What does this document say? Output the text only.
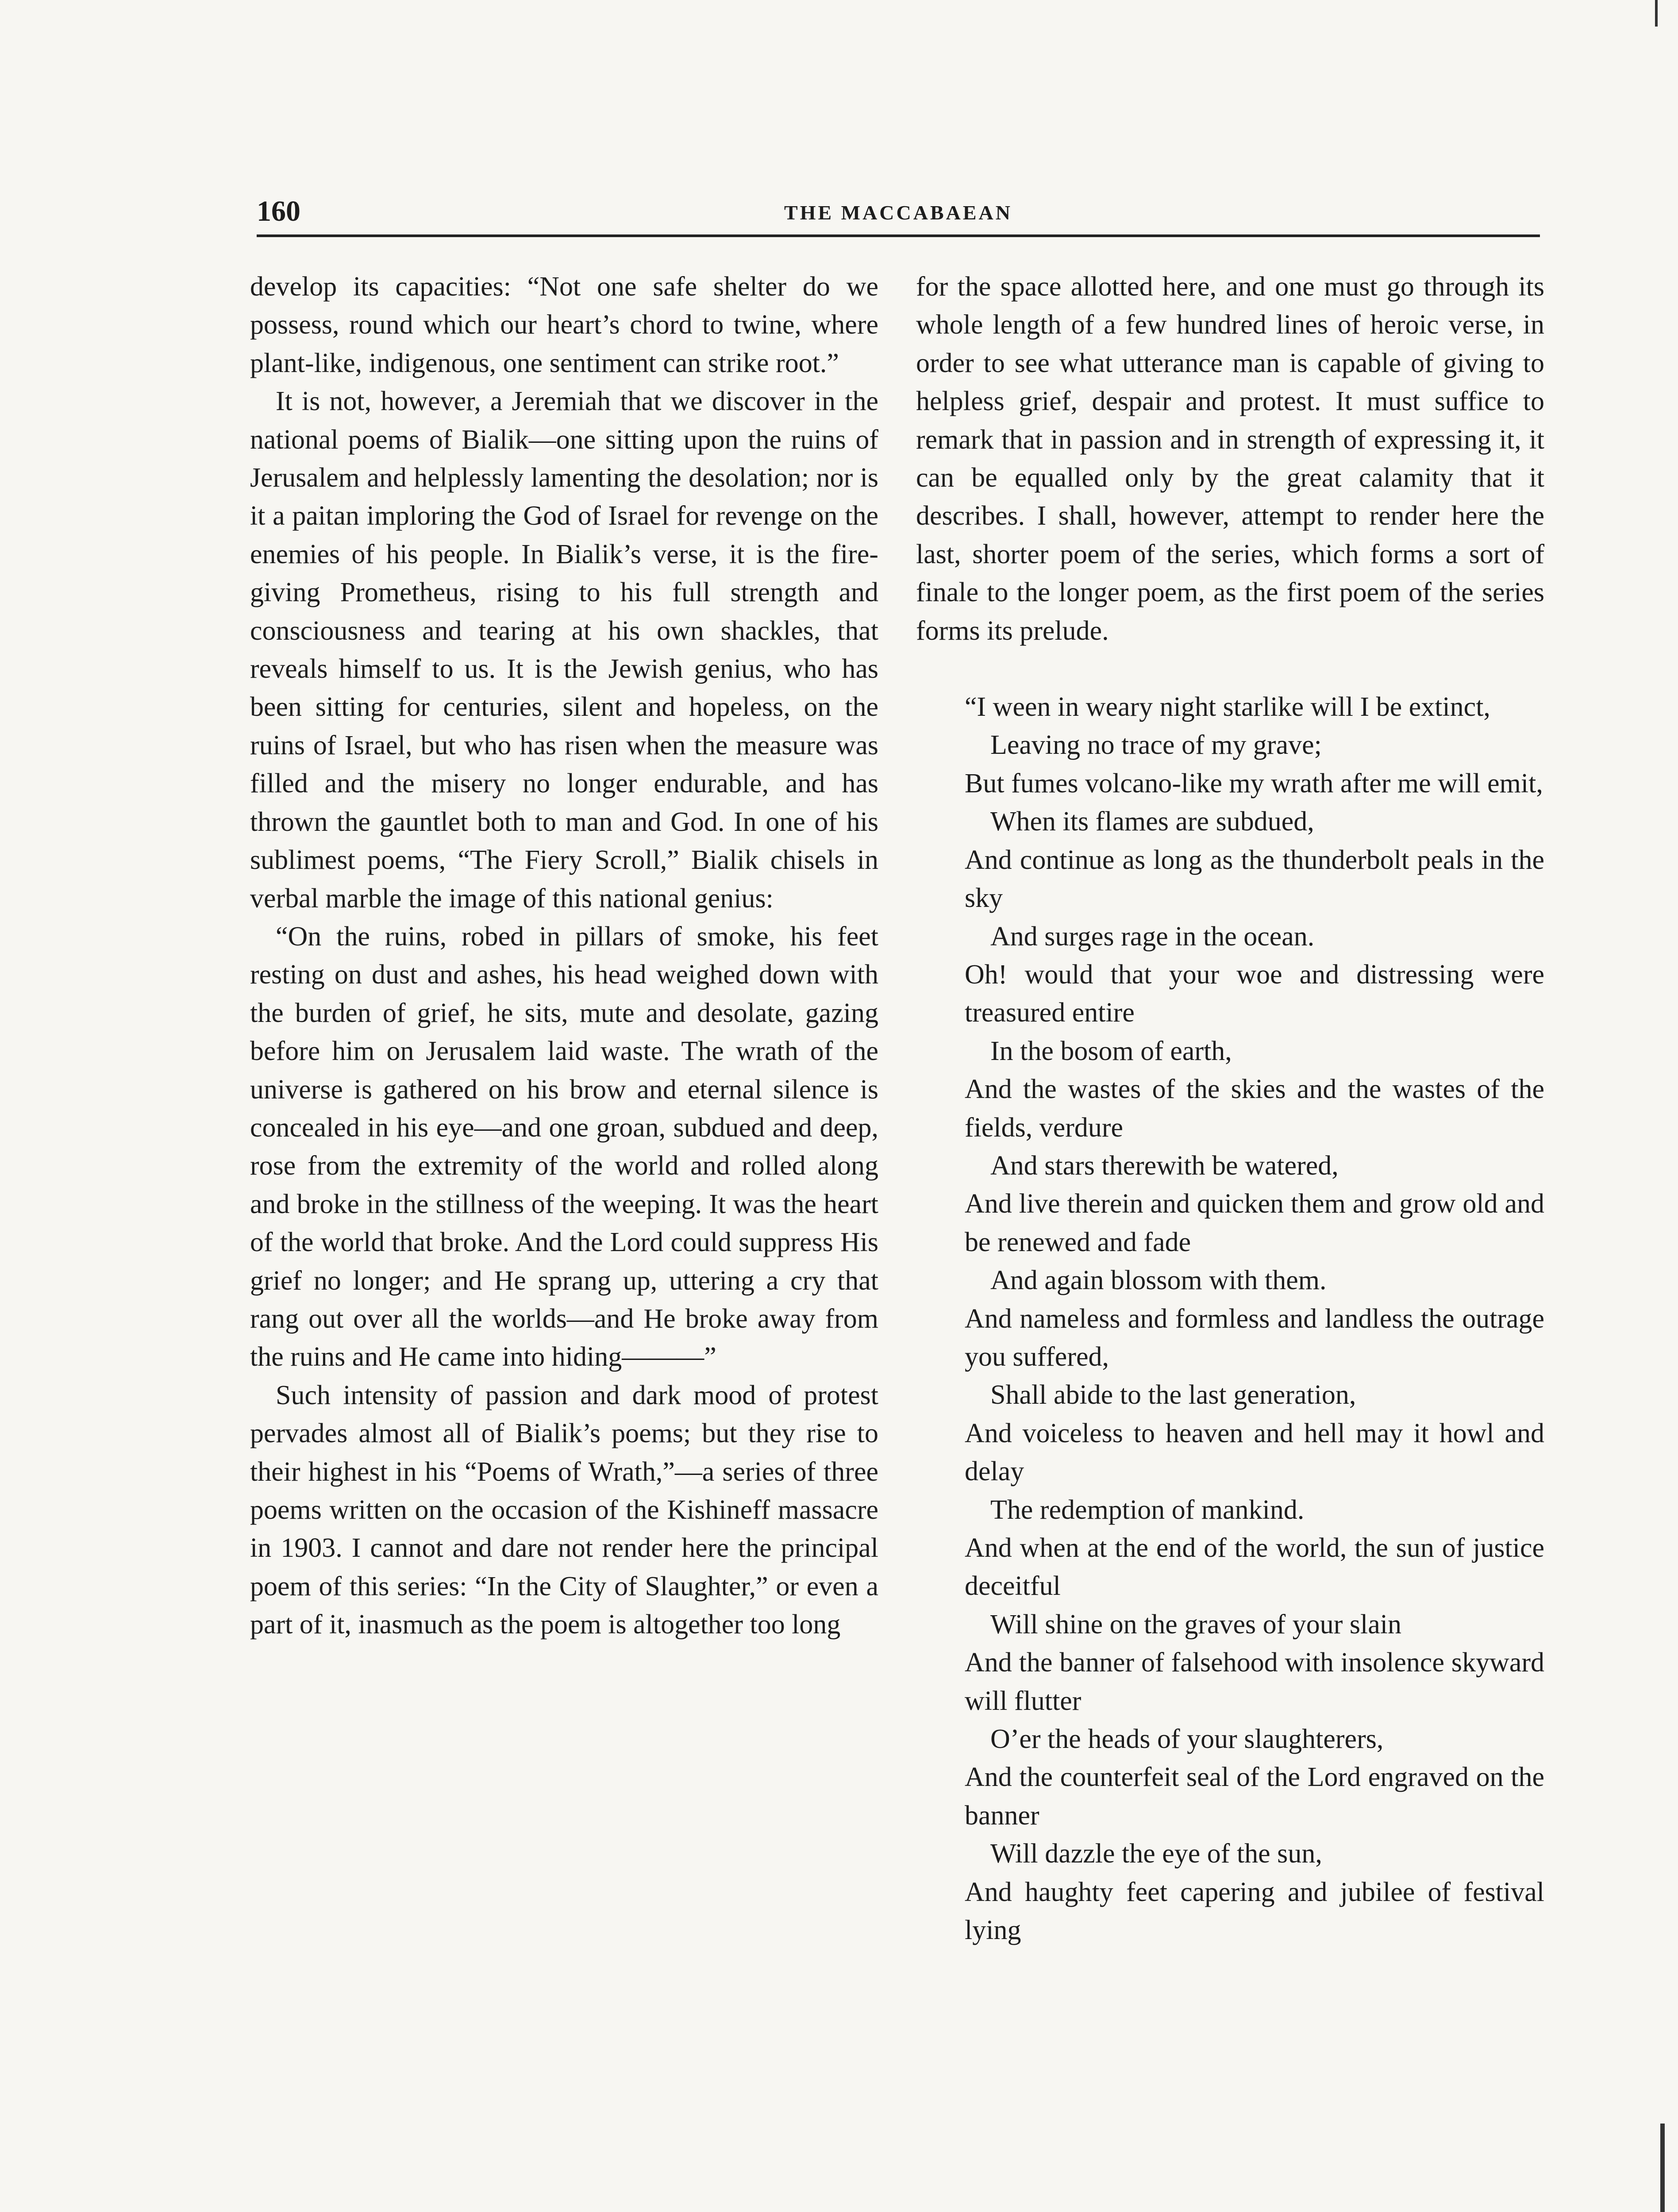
160	THE MACCABAEAN

develop its capacities: “Not one safe shelter do we possess, round which our heart’s chord to twine, where plant-like, indigenous, one sentiment can strike root.”

It is not, however, a Jeremiah that we discover in the national poems of Bialik—one sitting upon the ruins of Jerusalem and helplessly lamenting the desolation; nor is it a paitan imploring the God of Israel for revenge on the enemies of his people. In Bialik’s verse, it is the fire-giving Prometheus, rising to his full strength and consciousness and tearing at his own shackles, that reveals himself to us. It is the Jewish genius, who has been sitting for centuries, silent and hopeless, on the ruins of Israel, but who has risen when the measure was filled and the misery no longer endurable, and has thrown the gauntlet both to man and God. In one of his sublimest poems, “The Fiery Scroll,” Bialik chisels in verbal marble the image of this national genius:

“On the ruins, robed in pillars of smoke, his feet resting on dust and ashes, his head weighed down with the burden of grief, he sits, mute and desolate, gazing before him on Jerusalem laid waste. The wrath of the universe is gathered on his brow and eternal silence is concealed in his eye—and one groan, subdued and deep, rose from the extremity of the world and rolled along and broke in the stillness of the weeping. It was the heart of the world that broke. And the Lord could suppress His grief no longer; and He sprang up, uttering a cry that rang out over all the worlds—and He broke away from the ruins and He came into hiding———”

Such intensity of passion and dark mood of protest pervades almost all of Bialik’s poems; but they rise to their highest in his “Poems of Wrath,”—a series of three poems written on the occasion of the Kishineff massacre in 1903. I cannot and dare not render here the principal poem of this series: “In the City of Slaughter,” or even a part of it, inasmuch as the poem is altogether too long

for the space allotted here, and one must go through its whole length of a few hundred lines of heroic verse, in order to see what utterance man is capable of giving to helpless grief, despair and protest. It must suffice to remark that in passion and in strength of expressing it, it can be equalled only by the great calamity that it describes. I shall, however, attempt to render here the last, shorter poem of the series, which forms a sort of finale to the longer poem, as the first poem of the series forms its prelude.

“I ween in weary night starlike will I be extinct,

Leaving no trace of my grave;

But fumes volcano-like my wrath after me will emit,

When its flames are subdued,

And continue as long as the thunderbolt peals in the sky

And surges rage in the ocean.

Oh! would that your woe and distressing were treasured entire

In the bosom of earth,

And the wastes of the skies and the wastes of the fields, verdure

And stars therewith be watered,

And live therein and quicken them and grow old and be renewed and fade

And again blossom with them.

And nameless and formless and landless the outrage you suffered,

Shall abide to the last generation,

And voiceless to heaven and hell may it howl and delay

The redemption of mankind.

And when at the end of the world, the sun of justice deceitful

Will shine on the graves of your slain

And the banner of falsehood with insolence skyward will flutter

O’er the heads of your slaughterers,

And the counterfeit seal of the Lord engraved on the banner

Will dazzle the eye of the sun,

And haughty feet capering and jubilee of festival lying
